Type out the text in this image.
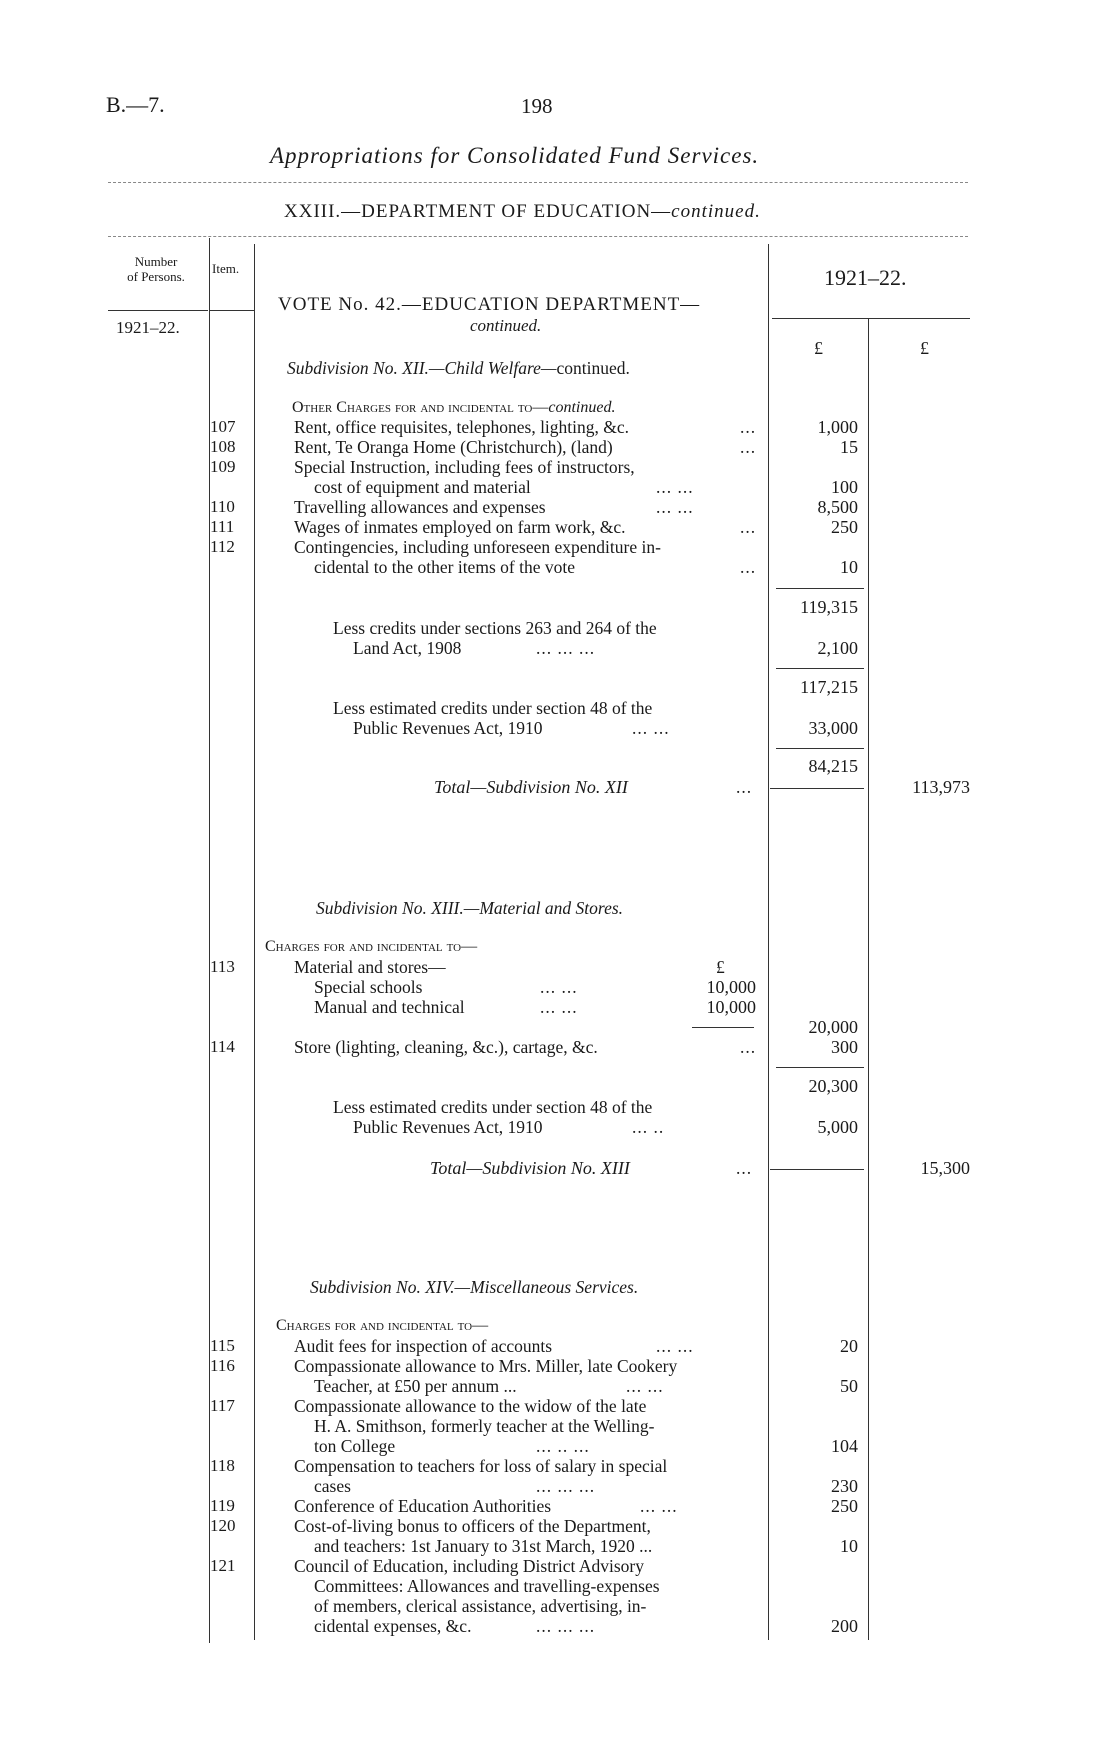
B.—7.	198
Appropriations for Consolidated Fund Services.
XXIII.—DEPARTMENT OF EDUCATION—continued.
Number
of Persons.
Item.	1921–22.
1921–22.
£	£
VOTE No. 42.—EDUCATION DEPARTMENT—
continued.
Subdivision No. XII.—Child Welfare—continued.
Other Charges for and incidental to—continued.
107	Rent, office requisites, telephones, lighting, &c.	...	1,000
108	Rent, Te Oranga Home (Christchurch), (land)	...	15
109	Special Instruction, including fees of instructors,
cost of equipment and material	... ...	100
110	Travelling allowances and expenses	... ...	8,500
111	Wages of inmates employed on farm work, &c.	...	250
112	Contingencies, including unforeseen expenditure in-
cidental to the other items of the vote	...	10
119,315
Less credits under sections 263 and 264 of the
Land Act, 1908	... ... ...	2,100
117,215
Less estimated credits under section 48 of the
Public Revenues Act, 1910	... ...	33,000
84,215
Total—Subdivision No. XII	...	113,973
Subdivision No. XIII.—Material and Stores.
Charges for and incidental to—
113	Material and stores—	£
Special schools	... ...	10,000
Manual and technical	... ...	10,000
20,000
114	Store (lighting, cleaning, &c.), cartage, &c.	...	300
20,300
Less estimated credits under section 48 of the
Public Revenues Act, 1910	... ..	5,000
Total—Subdivision No. XIII	...	15,300
Subdivision No. XIV.—Miscellaneous Services.
Charges for and incidental to—
115	Audit fees for inspection of accounts	... ...	20
116	Compassionate allowance to Mrs. Miller, late Cookery
Teacher, at £50 per annum ...	... ...	50
117	Compassionate allowance to the widow of the late
H. A. Smithson, formerly teacher at the Welling-
ton College	... .. ...	104
118	Compensation to teachers for loss of salary in special
cases	... ... ...	230
119	Conference of Education Authorities	... ...	250
120	Cost-of-living bonus to officers of the Department,
and teachers: 1st January to 31st March, 1920 ...	10
121	Council of Education, including District Advisory
Committees: Allowances and travelling-expenses
of members, clerical assistance, advertising, in-
cidental expenses, &c.	... ... ...	200
